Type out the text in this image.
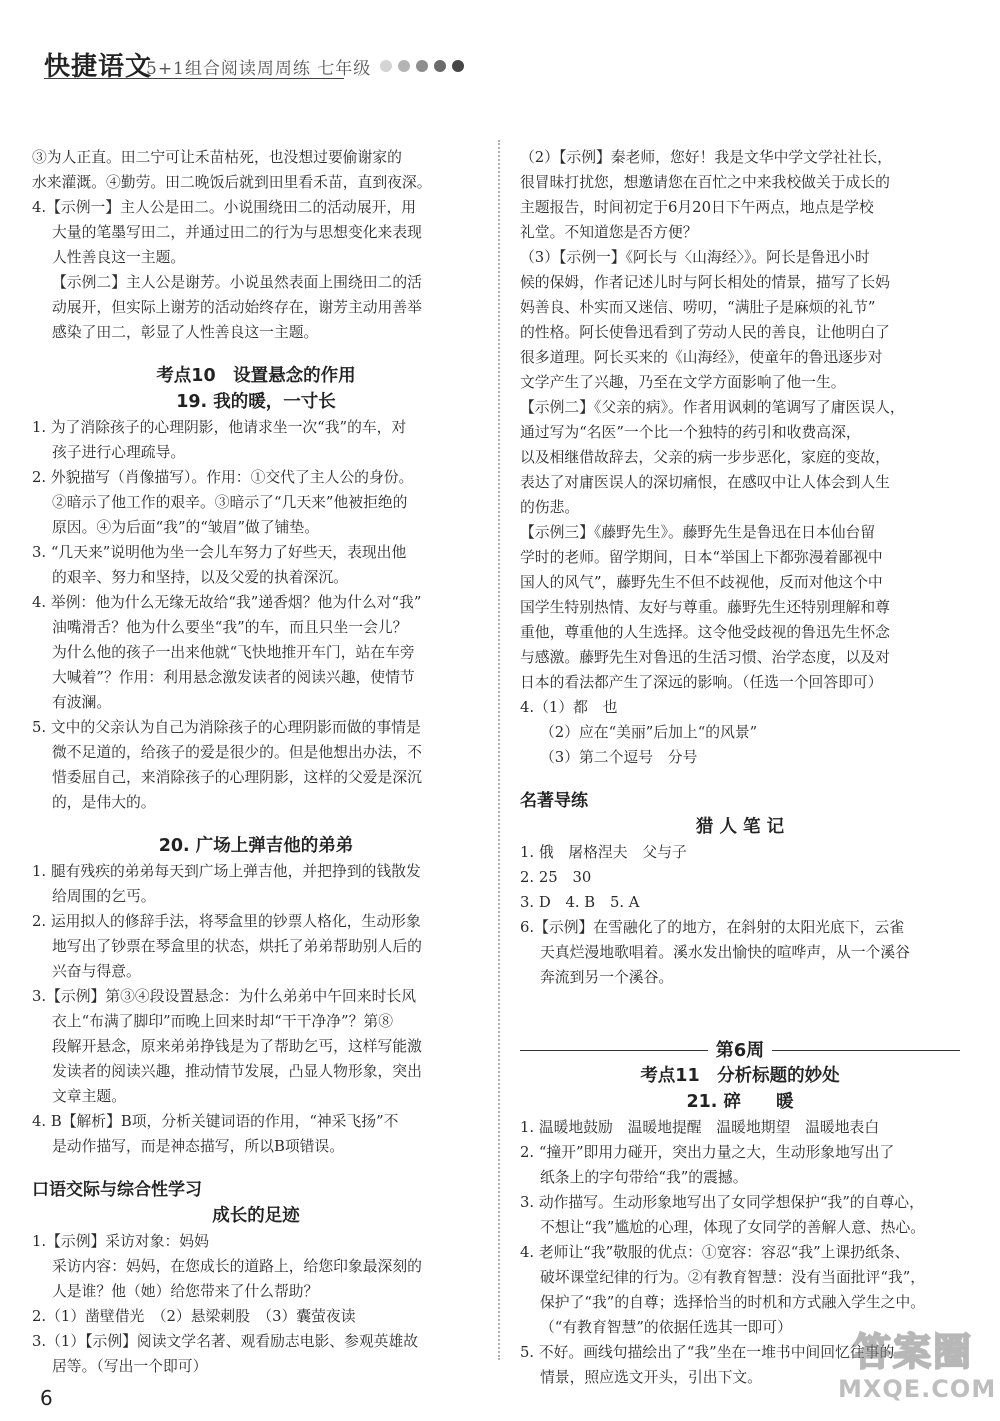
快捷语文
5+1组合阅读周周练 七年级

③为人正直。田二宁可让禾苗枯死，也没想过要偷谢家的

水来灌溉。④勤劳。田二晚饭后就到田里看禾苗，直到夜深。

4.【示例一】主人公是田二。小说围绕田二的活动展开，用

大量的笔墨写田二，并通过田二的行为与思想变化来表现

人性善良这一主题。

【示例二】主人公是谢芳。小说虽然表面上围绕田二的活

动展开，但实际上谢芳的活动始终存在，谢芳主动用善举

感染了田二，彰显了人性善良这一主题。

考点10　设置悬念的作用
19. 我的暖，一寸长

1. 为了消除孩子的心理阴影，他请求坐一次“我”的车，对

孩子进行心理疏导。

2. 外貌描写（肖像描写）。作用：①交代了主人公的身份。

②暗示了他工作的艰辛。③暗示了“几天来”他被拒绝的

原因。④为后面“我”的“皱眉”做了铺垫。

3. “几天来”说明他为坐一会儿车努力了好些天，表现出他

的艰辛、努力和坚持，以及父爱的执着深沉。

4. 举例：他为什么无缘无故给“我”递香烟？他为什么对“我”

油嘴滑舌？他为什么要坐“我”的车，而且只坐一会儿？

为什么他的孩子一出来他就“飞快地推开车门，站在车旁

大喊着”？作用：利用悬念激发读者的阅读兴趣，使情节

有波澜。

5. 文中的父亲认为自己为消除孩子的心理阴影而做的事情是

微不足道的，给孩子的爱是很少的。但是他想出办法，不

惜委屈自己，来消除孩子的心理阴影，这样的父爱是深沉

的，是伟大的。

20. 广场上弹吉他的弟弟

1. 腿有残疾的弟弟每天到广场上弹吉他，并把挣到的钱散发

给周围的乞丐。

2. 运用拟人的修辞手法，将琴盒里的钞票人格化，生动形象

地写出了钞票在琴盒里的状态，烘托了弟弟帮助别人后的

兴奋与得意。

3.【示例】第③④段设置悬念：为什么弟弟中午回来时长风

衣上“布满了脚印”而晚上回来时却“干干净净”？第⑧

段解开悬念，原来弟弟挣钱是为了帮助乞丐，这样写能激

发读者的阅读兴趣，推动情节发展，凸显人物形象，突出

文章主题。

4. B【解析】B项，分析关键词语的作用，“神采飞扬”不

是动作描写，而是神态描写，所以B项错误。

口语交际与综合性学习
成长的足迹

1.【示例】采访对象：妈妈

采访内容：妈妈，在您成长的道路上，给您印象最深刻的

人是谁？他（她）给您带来了什么帮助？

2.（1）凿壁借光　（2）悬梁刺股　（3）囊萤夜读

3.（1）【示例】阅读文学名著、观看励志电影、参观英雄故

居等。（写出一个即可）

（2）【示例】秦老师，您好！我是文华中学文学社社长，

很冒昧打扰您，想邀请您在百忙之中来我校做关于成长的

主题报告，时间初定于6月20日下午两点，地点是学校

礼堂。不知道您是否方便？

（3）【示例一】《阿长与〈山海经〉》。阿长是鲁迅小时

候的保姆，作者记述儿时与阿长相处的情景，描写了长妈

妈善良、朴实而又迷信、唠叨，“满肚子是麻烦的礼节”

的性格。阿长使鲁迅看到了劳动人民的善良，让他明白了

很多道理。阿长买来的《山海经》，使童年的鲁迅逐步对

文学产生了兴趣，乃至在文学方面影响了他一生。

【示例二】《父亲的病》。作者用讽刺的笔调写了庸医误人，

通过写为“名医”一个比一个独特的药引和收费高深，

以及相继借故辞去，父亲的病一步步恶化，家庭的变故，

表达了对庸医误人的深切痛恨，在感叹中让人体会到人生

的伤悲。

【示例三】《藤野先生》。藤野先生是鲁迅在日本仙台留

学时的老师。留学期间，日本“举国上下都弥漫着鄙视中

国人的风气”，藤野先生不但不歧视他，反而对他这个中

国学生特别热情、友好与尊重。藤野先生还特别理解和尊

重他，尊重他的人生选择。这令他受歧视的鲁迅先生怀念

与感激。藤野先生对鲁迅的生活习惯、治学态度，以及对

日本的看法都产生了深远的影响。（任选一个回答即可）

4.（1）都　也

（2）应在“美丽”后加上“的风景”

（3）第二个逗号　分号

名著导练
猎 人 笔 记

1. 俄　屠格涅夫　父与子

2. 25　30

3. D　4. B　5. A

6.【示例】在雪融化了的地方，在斜射的太阳光底下，云雀

天真烂漫地歌唱着。溪水发出愉快的喧哗声，从一个溪谷

奔流到另一个溪谷。

第6周
考点11　分析标题的妙处
21. 碎　　暖

1. 温暖地鼓励　温暖地提醒　温暖地期望　温暖地表白

2. “撞开”即用力碰开，突出力量之大，生动形象地写出了

纸条上的字句带给“我”的震撼。

3. 动作描写。生动形象地写出了女同学想保护“我”的自尊心，

不想让“我”尴尬的心理，体现了女同学的善解人意、热心。

4. 老师让“我”敬服的优点：①宽容：容忍“我”上课扔纸条、

破坏课堂纪律的行为。②有教育智慧：没有当面批评“我”，

保护了“我”的自尊；选择恰当的时机和方式融入学生之中。

（“有教育智慧”的依据任选其一即可）

5. 不好。画线句描绘出了“我”坐在一堆书中间回忆往事的

情景，照应选文开头，引出下文。

6
答案圈
MXQE.COM
